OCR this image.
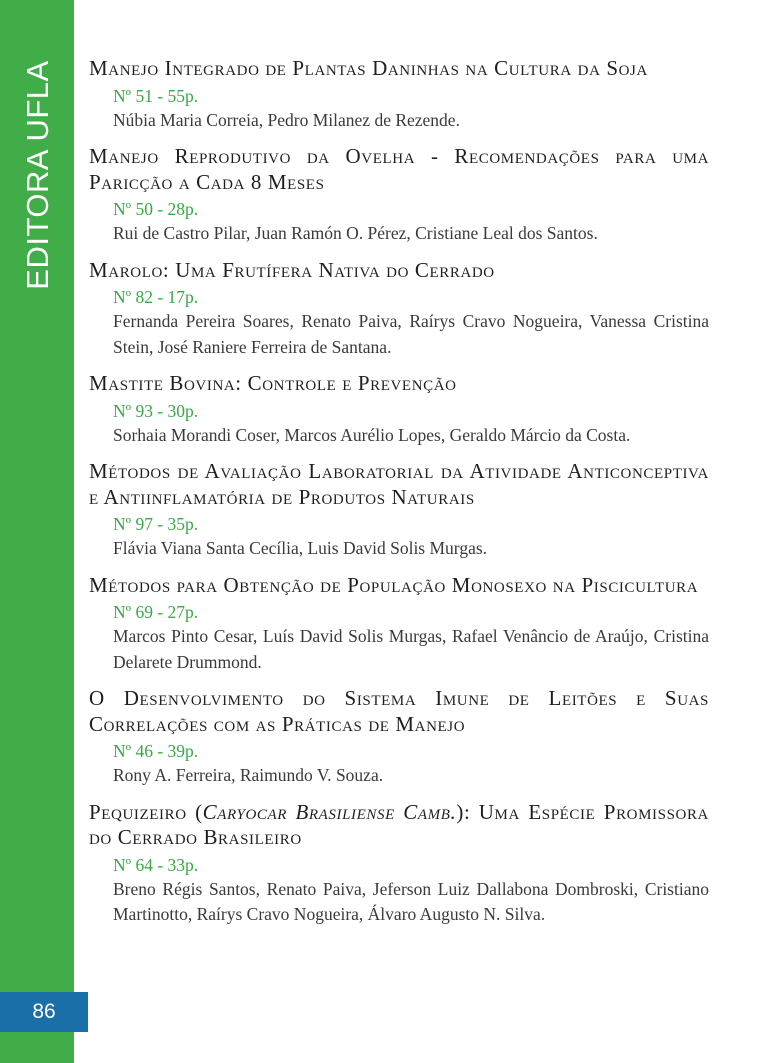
EDITORA UFLA
86

Manejo Integrado de Plantas Daninhas na Cultura da Soja

Nº 51 - 55p.
Núbia Maria Correia, Pedro Milanez de Rezende.

Manejo Reprodutivo da Ovelha - Recomendações para uma Paricção a Cada 8 Meses

Nº 50 - 28p.
Rui de Castro Pilar, Juan Ramón O. Pérez, Cristiane Leal dos Santos.

Marolo: Uma Frutífera Nativa do Cerrado

Nº 82 - 17p.
Fernanda Pereira Soares, Renato Paiva, Raírys Cravo Nogueira, Vanessa Cristina Stein, José Raniere Ferreira de Santana.

Mastite Bovina: Controle e Prevenção

Nº 93 - 30p.
Sorhaia Morandi Coser, Marcos Aurélio Lopes, Geraldo Márcio da Costa.

Métodos de Avaliação Laboratorial da Atividade Anticonceptiva e Antiinflamatória de Produtos Naturais

Nº 97 - 35p.
Flávia Viana Santa Cecília, Luis David Solis Murgas.

Métodos para Obtenção de População Monosexo na Piscicultura

Nº 69 - 27p.
Marcos Pinto Cesar, Luís David Solis Murgas, Rafael Venâncio de Araújo, Cristina Delarete Drummond.

O Desenvolvimento do Sistema Imune de Leitões e Suas Correlações com as Práticas de Manejo

Nº 46 - 39p.
Rony A. Ferreira, Raimundo V. Souza.

Pequizeiro (Caryocar Brasiliense Camb.): Uma Espécie Promissora do Cerrado Brasileiro

Nº 64 - 33p.
Breno Régis Santos, Renato Paiva, Jeferson Luiz Dallabona Dombroski, Cristiano Martinotto, Raírys Cravo Nogueira, Álvaro Augusto N. Silva.
